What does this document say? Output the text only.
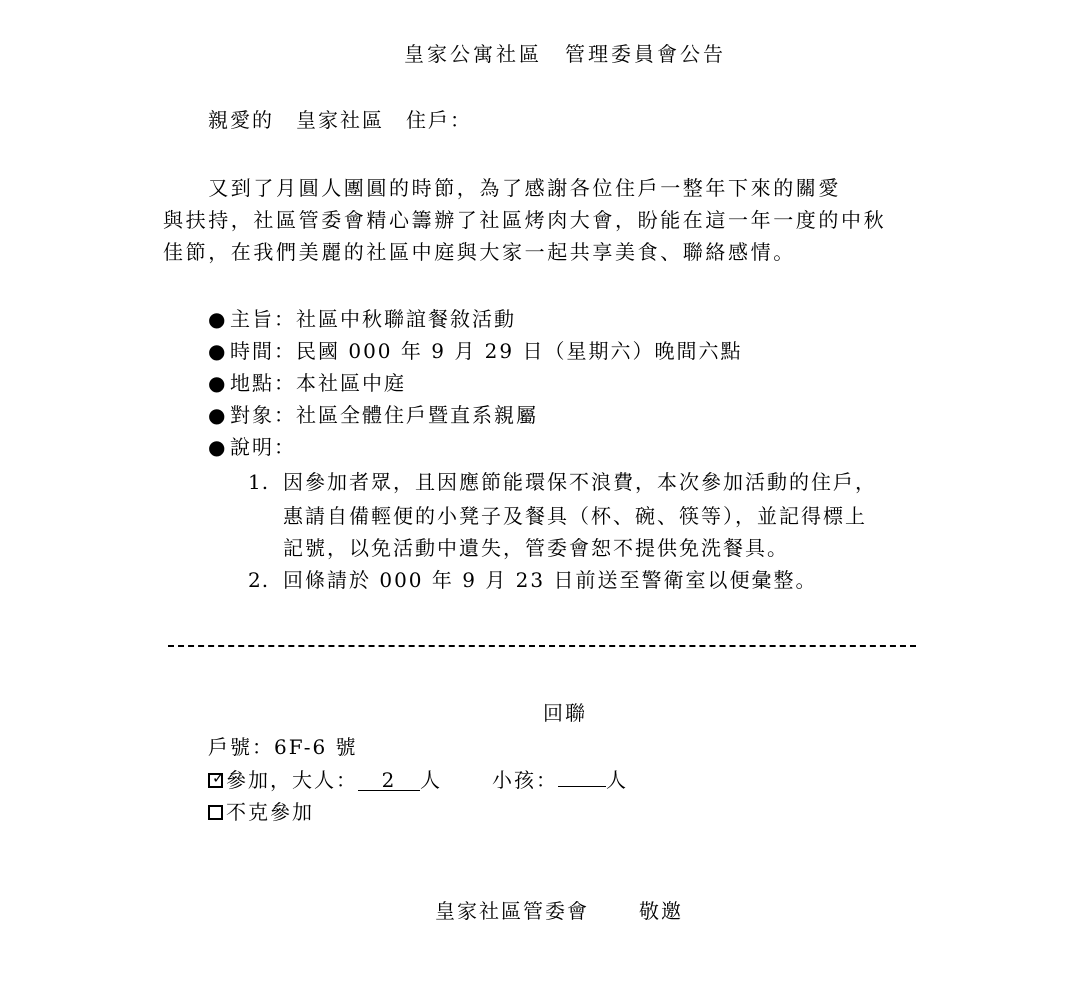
皇家公寓社區　管理委員會公告
親愛的　皇家社區　住戶：
　　又到了月圓人團圓的時節，為了感謝各位住戶一整年下來的關愛
與扶持，社區管委會精心籌辦了社區烤肉大會，盼能在這一年一度的中秋
佳節，在我們美麗的社區中庭與大家一起共享美食、聯絡感情。
● 主旨：社區中秋聯誼餐敘活動
● 時間：民國 000 年 9 月 29 日（星期六）晚間六點
● 地點：本社區中庭
● 對象：社區全體住戶暨直系親屬
● 說明：
1. 因參加者眾，且因應節能環保不浪費，本次參加活動的住戶，
惠請自備輕便的小凳子及餐具（杯、碗、筷等），並記得標上
記號，以免活動中遺失，管委會恕不提供免洗餐具。
2. 回條請於 000 年 9 月 23 日前送至警衛室以便彙整。
回聯
戶號：6F-6 號
✓ 參加，大人： 2 人	小孩： 人
不克參加
皇家社區管委會	敬邀
